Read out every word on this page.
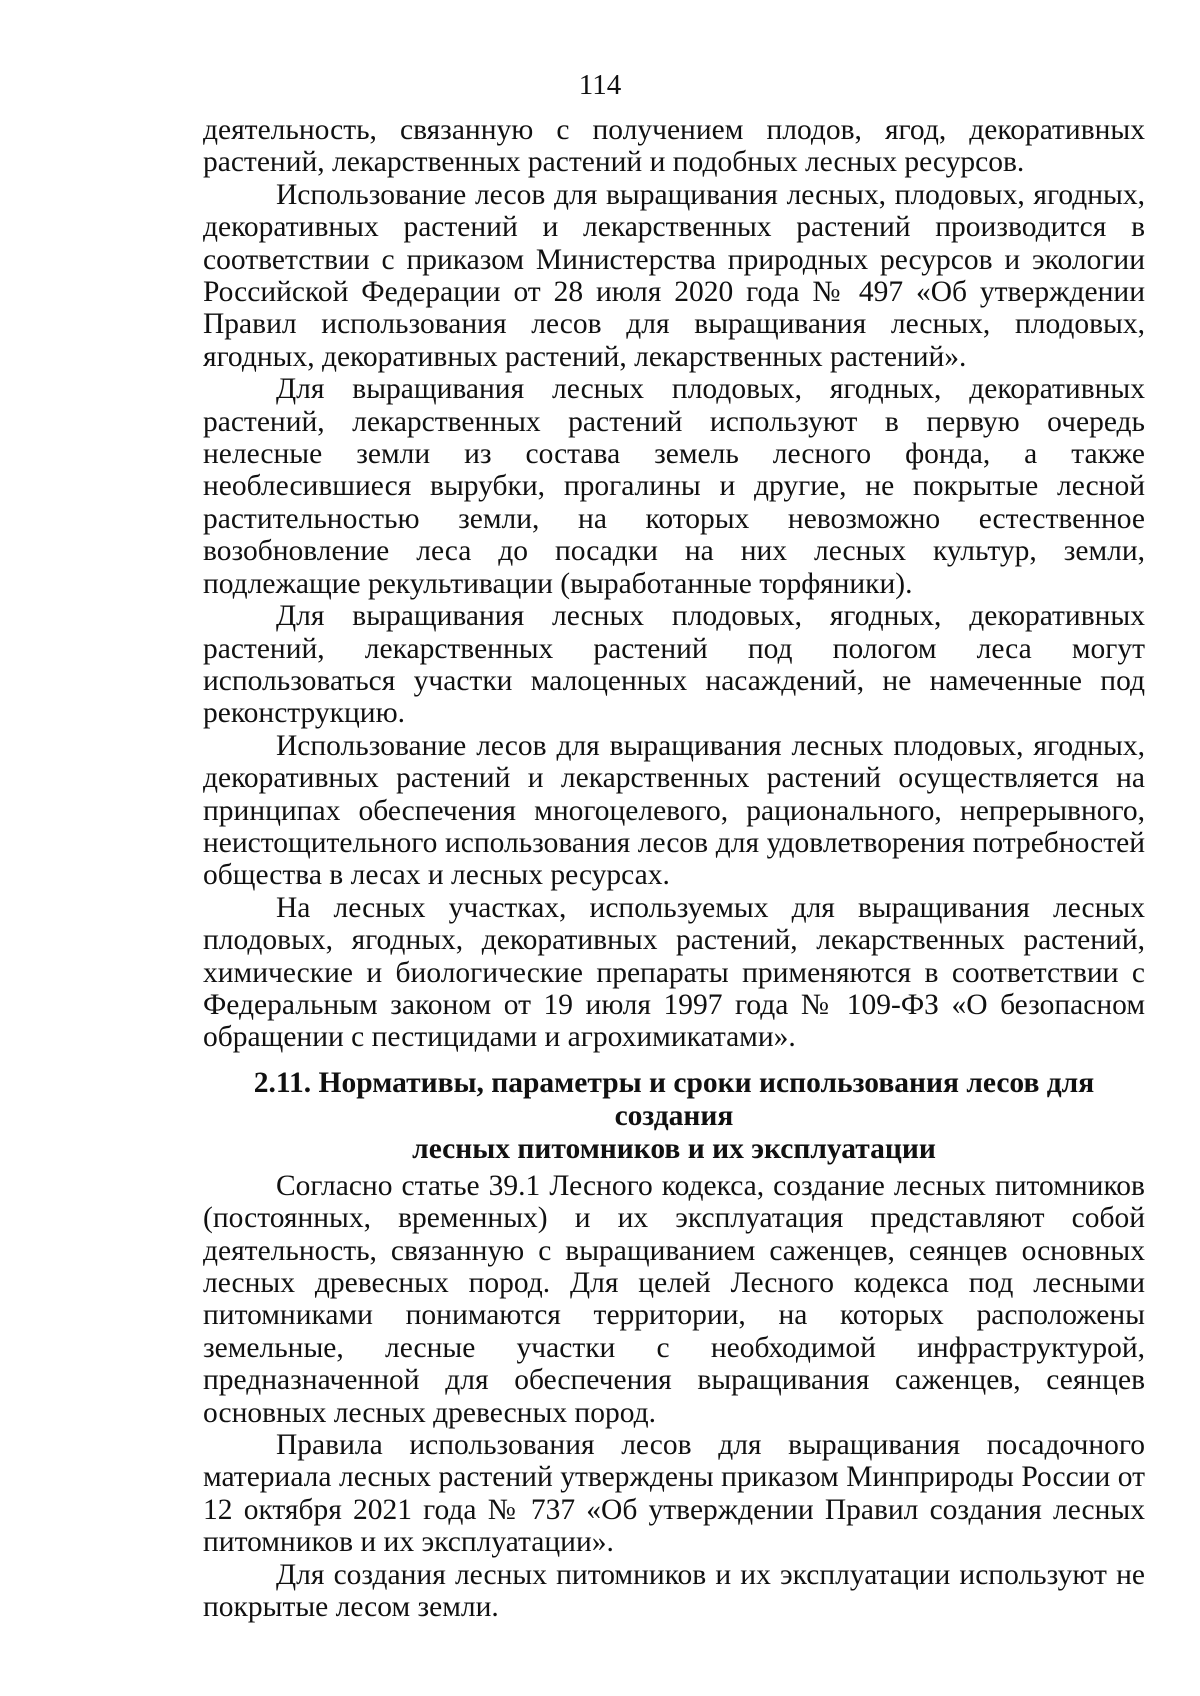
114

деятельность, связанную с получением плодов, ягод, декоративных растений, лекарственных растений и подобных лесных ресурсов.

Использование лесов для выращивания лесных, плодовых, ягодных, декоративных растений и лекарственных растений производится в соответствии с приказом Министерства природных ресурсов и экологии Российской Федерации от 28 июля 2020 года № 497 «Об утверждении Правил использования лесов для выращивания лесных, плодовых, ягодных, декоративных растений, лекарственных растений».

Для выращивания лесных плодовых, ягодных, декоративных растений, лекарственных растений используют в первую очередь нелесные земли из состава земель лесного фонда, а также необлесившиеся вырубки, прогалины и другие, не покрытые лесной растительностью земли, на которых невозможно естественное возобновление леса до посадки на них лесных культур, земли, подлежащие рекультивации (выработанные торфяники).

Для выращивания лесных плодовых, ягодных, декоративных растений, лекарственных растений под пологом леса могут использоваться участки малоценных насаждений, не намеченные под реконструкцию.

Использование лесов для выращивания лесных плодовых, ягодных, декоративных растений и лекарственных растений осуществляется на принципах обеспечения многоцелевого, рационального, непрерывного, неистощительного использования лесов для удовлетворения потребностей общества в лесах и лесных ресурсах.

На лесных участках, используемых для выращивания лесных плодовых, ягодных, декоративных растений, лекарственных растений, химические и биологические препараты применяются в соответствии с Федеральным законом от 19 июля 1997 года № 109-ФЗ «О безопасном обращении с пестицидами и агрохимикатами».

2.11. Нормативы, параметры и сроки использования лесов для создания
лесных питомников и их эксплуатации

Согласно статье 39.1 Лесного кодекса, создание лесных питомников (постоянных, временных) и их эксплуатация представляют собой деятельность, связанную с выращиванием саженцев, сеянцев основных лесных древесных пород. Для целей Лесного кодекса под лесными питомниками понимаются территории, на которых расположены земельные, лесные участки с необходимой инфраструктурой, предназначенной для обеспечения выращивания саженцев, сеянцев основных лесных древесных пород.

Правила использования лесов для выращивания посадочного материала лесных растений утверждены приказом Минприроды России от 12 октября 2021 года № 737 «Об утверждении Правил создания лесных питомников и их эксплуатации».

Для создания лесных питомников и их эксплуатации используют не покрытые лесом земли.
